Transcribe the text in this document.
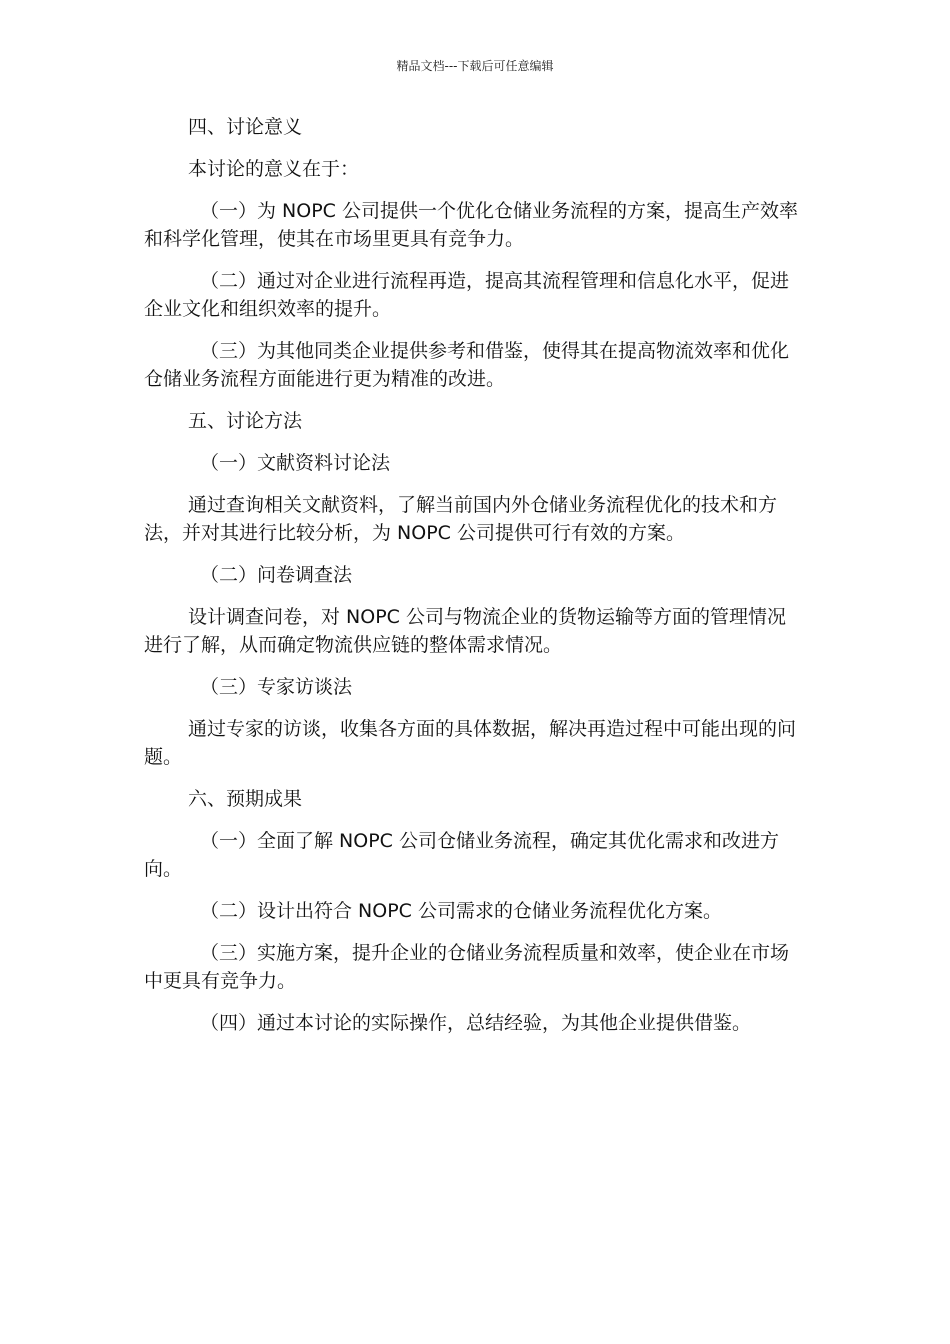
精品文档---下载后可任意编辑
四、讨论意义
本讨论的意义在于：
（一）为 NOPC 公司提供一个优化仓储业务流程的方案，提高生产效率和科学化管理，使其在市场里更具有竞争力。
（二）通过对企业进行流程再造，提高其流程管理和信息化水平，促进企业文化和组织效率的提升。
（三）为其他同类企业提供参考和借鉴，使得其在提高物流效率和优化仓储业务流程方面能进行更为精准的改进。
五、讨论方法
（一）文献资料讨论法
通过查询相关文献资料，了解当前国内外仓储业务流程优化的技术和方法，并对其进行比较分析，为 NOPC 公司提供可行有效的方案。
（二）问卷调查法
设计调查问卷，对 NOPC 公司与物流企业的货物运输等方面的管理情况进行了解，从而确定物流供应链的整体需求情况。
（三）专家访谈法
通过专家的访谈，收集各方面的具体数据，解决再造过程中可能出现的问题。
六、预期成果
（一）全面了解 NOPC 公司仓储业务流程，确定其优化需求和改进方向。
（二）设计出符合 NOPC 公司需求的仓储业务流程优化方案。
（三）实施方案，提升企业的仓储业务流程质量和效率，使企业在市场中更具有竞争力。
（四）通过本讨论的实际操作，总结经验，为其他企业提供借鉴。
